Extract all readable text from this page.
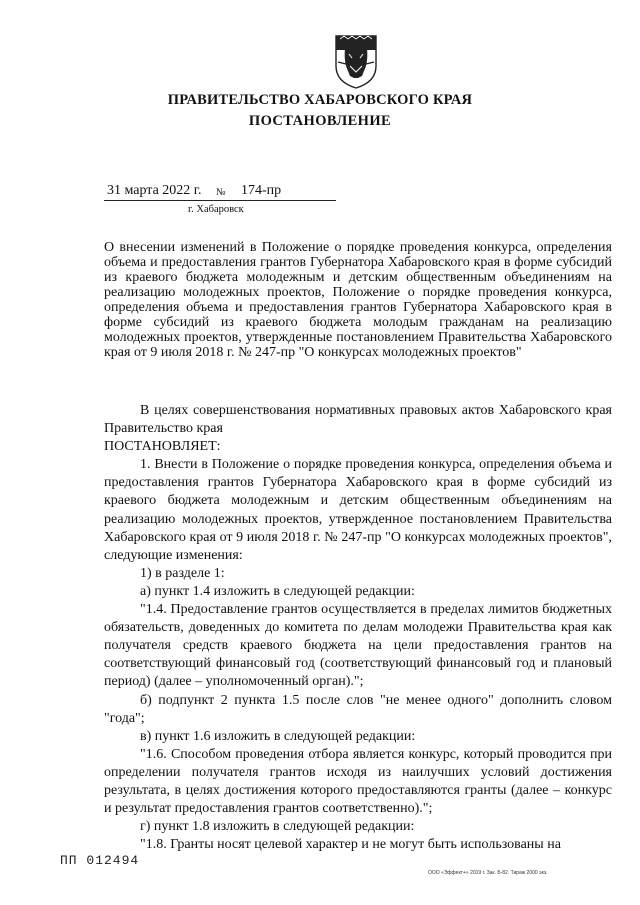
ПРАВИТЕЛЬСТВО ХАБАРОВСКОГО КРАЯ
ПОСТАНОВЛЕНИЕ
31 марта 2022 г. № 174-пр
г. Хабаровск
О внесении изменений в Положение о порядке проведения конкурса, определения объема и предоставления грантов Губернатора Хабаровского края в форме субсидий из краевого бюджета молодежным и детским общественным объединениям на реализацию молодежных проектов, Положение о порядке проведения конкурса, определения объема и предоставления грантов Губернатора Хабаровского края в форме субсидий из краевого бюджета молодым гражданам на реализацию молодежных проектов, утвержденные постановлением Правительства Хабаровского края от 9 июля 2018 г. № 247-пр "О конкурсах молодежных проектов"

В целях совершенствования нормативных правовых актов Хабаровского края Правительство края

ПОСТАНОВЛЯЕТ:

1. Внести в Положение о порядке проведения конкурса, определения объема и предоставления грантов Губернатора Хабаровского края в форме субсидий из краевого бюджета молодежным и детским общественным объединениям на реализацию молодежных проектов, утвержденное постановлением Правительства Хабаровского края от 9 июля 2018 г. № 247-пр "О конкурсах молодежных проектов", следующие изменения:

1) в разделе 1:

а) пункт 1.4 изложить в следующей редакции:

"1.4. Предоставление грантов осуществляется в пределах лимитов бюджетных обязательств, доведенных до комитета по делам молодежи Правительства края как получателя средств краевого бюджета на цели предоставления грантов на соответствующий финансовый год (соответствующий финансовый год и плановый период) (далее – уполномоченный орган).";

б) подпункт 2 пункта 1.5 после слов "не менее одного" дополнить словом "года";

в) пункт 1.6 изложить в следующей редакции:

"1.6. Способом проведения отбора является конкурс, который проводится при определении получателя грантов исходя из наилучших условий достижения результата, в целях достижения которого предоставляются гранты (далее – конкурс и результат предоставления грантов соответственно).";

г) пункт 1.8 изложить в следующей редакции:

"1.8. Гранты носят целевой характер и не могут быть использованы на

ПП 012494
ООО «Эффект+» 2019 г. Зак. Б-82. Тираж 2000 экз.
